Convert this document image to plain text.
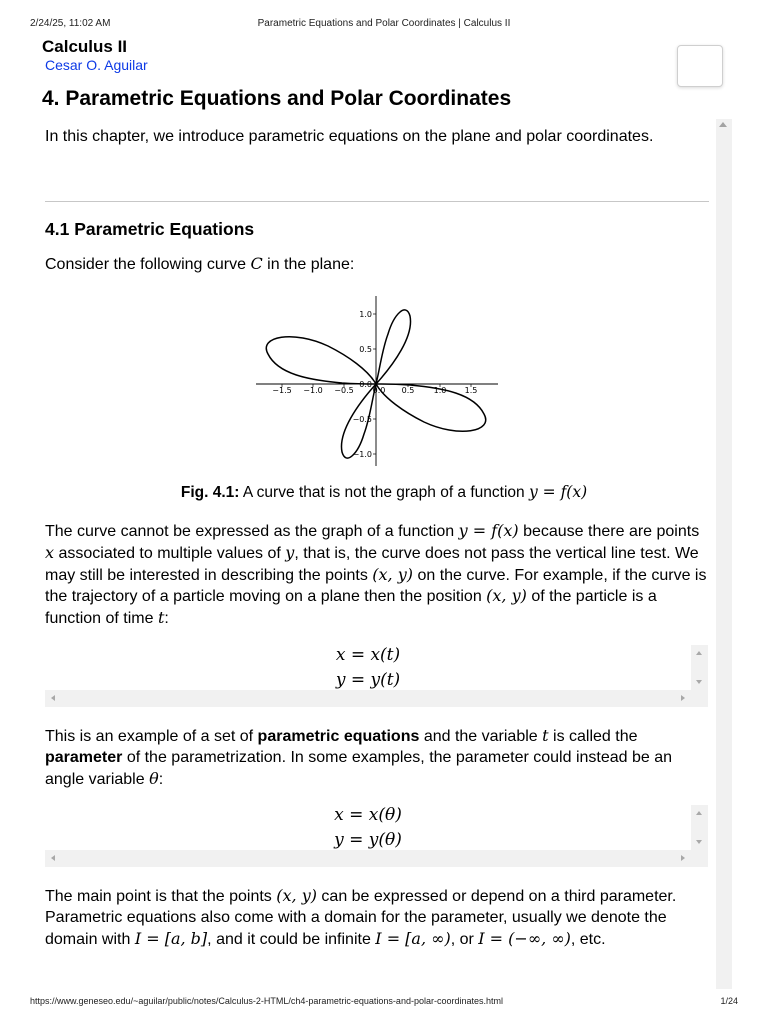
2/24/25, 11:02 AM	Parametric Equations and Polar Coordinates | Calculus II
Calculus II
Cesar O. Aguilar
4. Parametric Equations and Polar Coordinates
In this chapter, we introduce parametric equations on the plane and polar coordinates.
4.1 Parametric Equations
Consider the following curve C in the plane:
−1.5 −1.0 −0.5 0.0 0.5 1.0 1.5
1.0
0.5
0.0
−0.5
−1.0
Fig. 4.1: A curve that is not the graph of a function y = f(x)
The curve cannot be expressed as the graph of a function y = f(x) because there are points x associated to multiple values of y, that is, the curve does not pass the vertical line test. We may still be interested in describing the points (x, y) on the curve. For example, if the curve is the trajectory of a particle moving on a plane then the position (x, y) of the particle is a function of time t:
x = x(t)
y = y(t)
This is an example of a set of parametric equations and the variable t is called the parameter of the parametrization. In some examples, the parameter could instead be an angle variable θ:
x = x(θ)
y = y(θ)
The main point is that the points (x, y) can be expressed or depend on a third parameter. Parametric equations also come with a domain for the parameter, usually we denote the domain with I = [a, b], and it could be infinite I = [a, ∞), or I = (−∞, ∞), etc.
https://www.geneseo.edu/~aguilar/public/notes/Calculus-2-HTML/ch4-parametric-equations-and-polar-coordinates.html	1/24
